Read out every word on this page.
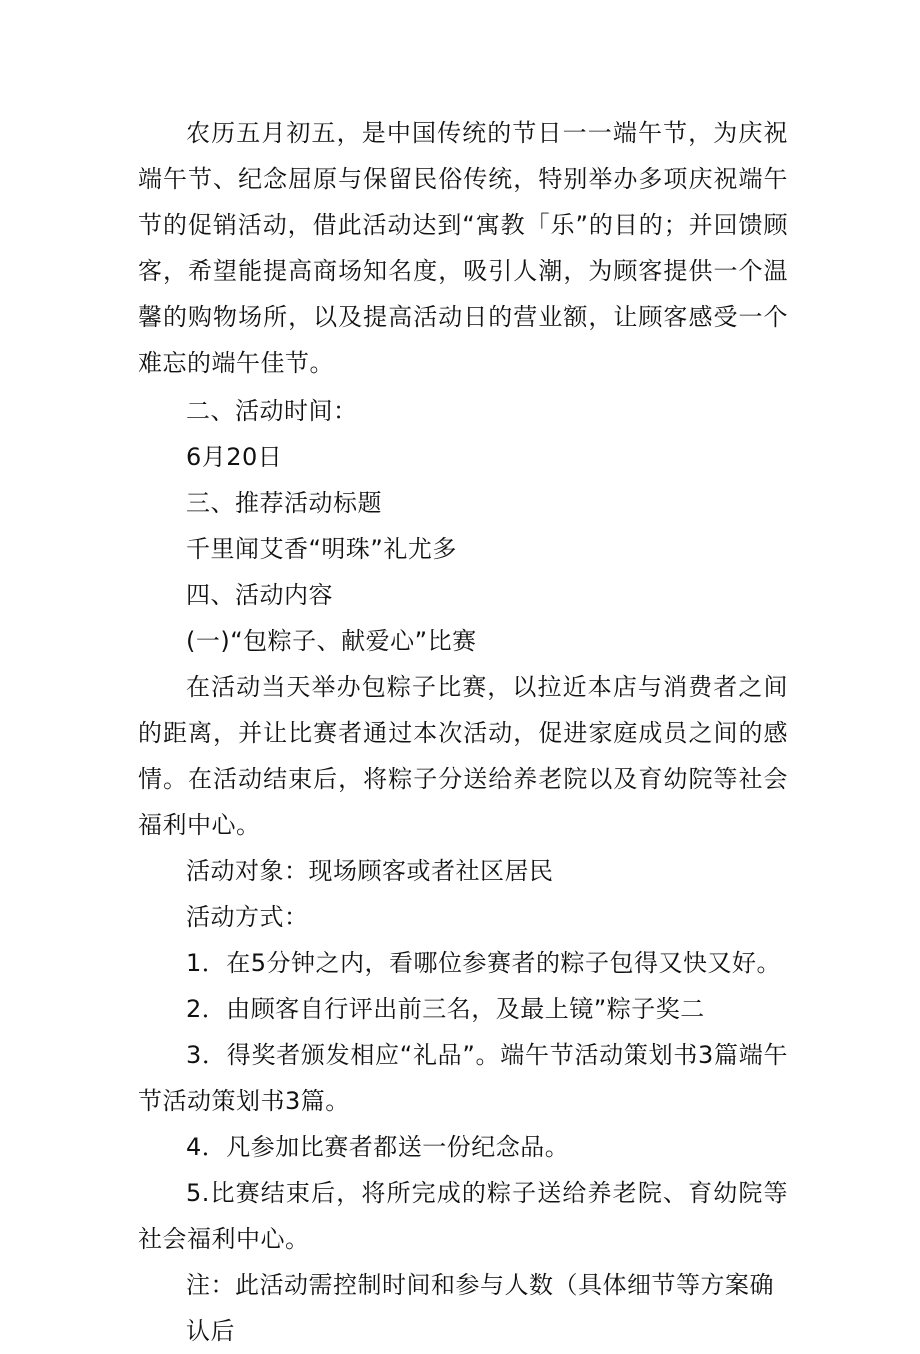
农历五月初五，是中国传统的节日一一端午节，为庆祝端午节、纪念屈原与保留民俗传统，特别举办多项庆祝端午节的促销活动，借此活动达到“寓教「乐”的目的；并回馈顾客，希望能提高商场知名度，吸引人潮，为顾客提供一个温馨的购物场所，以及提高活动日的营业额，让顾客感受一个难忘的端午佳节。

二、活动时间：

6月20日

三、推荐活动标题

千里闻艾香“明珠”礼尤多

四、活动内容

(一)“包粽子、献爱心”比赛

在活动当天举办包粽子比赛，以拉近本店与消费者之间的距离，并让比赛者通过本次活动，促进家庭成员之间的感情。在活动结束后，将粽子分送给养老院以及育幼院等社会福利中心。

活动对象：现场顾客或者社区居民

活动方式：

1．在5分钟之内，看哪位参赛者的粽子包得又快又好。

2．由顾客自行评出前三名，及最上镜”粽子奖二

3．得奖者颁发相应“礼品”。端午节活动策划书3篇端午节活动策划书3篇。

4．凡参加比赛者都送一份纪念品。

5.比赛结束后，将所完成的粽子送给养老院、育幼院等社会福利中心。

注：此活动需控制时间和参与人数（具体细节等方案确认后
